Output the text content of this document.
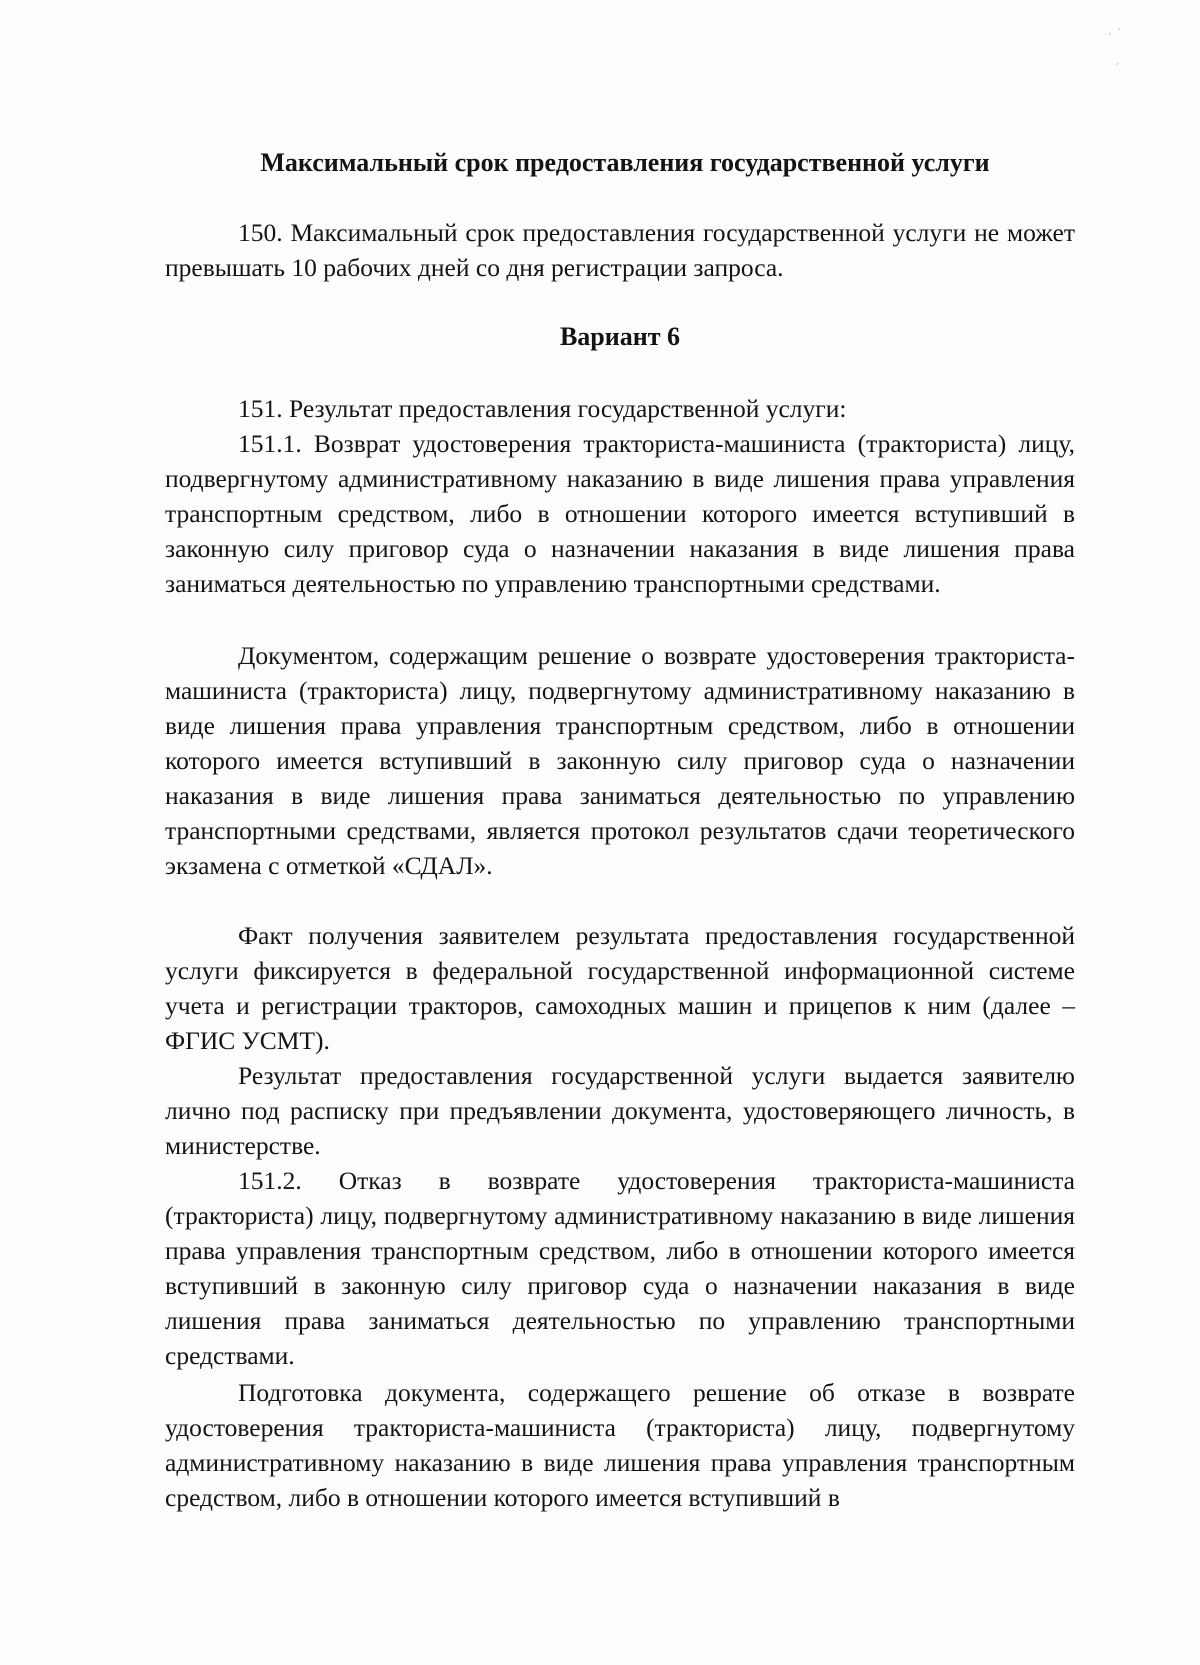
· ˊ
ˏ
Максимальный срок предоставления государственной услуги

150. Максимальный срок предоставления государственной услуги не может превышать 10 рабочих дней со дня регистрации запроса.

Вариант 6

151. Результат предоставления государственной услуги:

151.1. Возврат удостоверения тракториста-машиниста (тракториста) лицу, подвергнутому административному наказанию в виде лишения права управления транспортным средством, либо в отношении которого имеется вступивший в законную силу приговор суда о назначении наказания в виде лишения права заниматься деятельностью по управлению транспортными средствами.

Документом, содержащим решение о возврате удостоверения тракториста-машиниста (тракториста) лицу, подвергнутому административному наказанию в виде лишения права управления транспортным средством, либо в отношении которого имеется вступивший в законную силу приговор суда о назначении наказания в виде лишения права заниматься деятельностью по управлению транспортными средствами, является протокол результатов сдачи теоретического экзамена с отметкой «СДАЛ».

Факт получения заявителем результата предоставления государственной услуги фиксируется в федеральной государственной информационной системе учета и регистрации тракторов, самоходных машин и прицепов к ним (далее – ФГИС УСМТ).

Результат предоставления государственной услуги выдается заявителю лично под расписку при предъявлении документа, удостоверяющего личность, в министерстве.

151.2. Отказ в возврате удостоверения тракториста-машиниста (тракториста) лицу, подвергнутому административному наказанию в виде лишения права управления транспортным средством, либо в отношении которого имеется вступивший в законную силу приговор суда о назначении наказания в виде лишения права заниматься деятельностью по управлению транспортными средствами.

Подготовка документа, содержащего решение об отказе в возврате удостоверения тракториста-машиниста (тракториста) лицу, подвергнутому административному наказанию в виде лишения права управления транспортным средством, либо в отношении которого имеется вступивший в
